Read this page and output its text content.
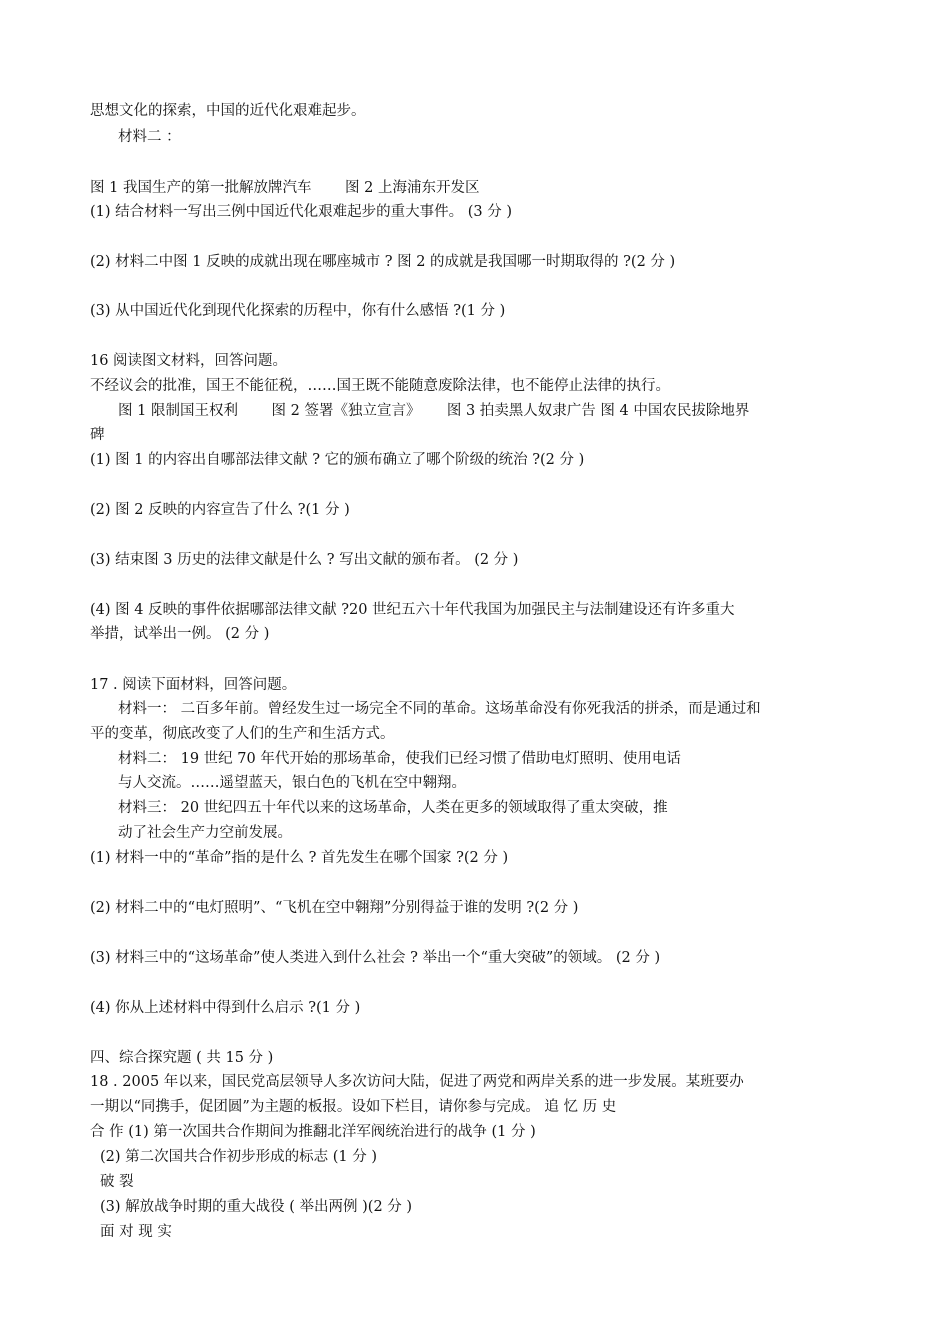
思想文化的探索，中国的近代化艰难起步。
材料二 ：
图 1 我国生产的第一批解放牌汽车　　 图 2 上海浦东开发区
(1) 结合材料一写出三例中国近代化艰难起步的重大事件。 (3 分 )
(2) 材料二中图 1 反映的成就出现在哪座城市 ? 图 2 的成就是我国哪一时期取得的 ?(2 分 )
(3) 从中国近代化到现代化探索的历程中，你有什么感悟 ?(1 分 )
16 阅读图文材料，回答问题。
不经议会的批准，国王不能征税，……国王既不能随意废除法律，也不能停止法律的执行。
图 1 限制国王权利　　 图 2 签署《独立宣言》　　 图 3 拍卖黑人奴隶广告 图 4 中国农民拔除地界
碑
(1) 图 1 的内容出自哪部法律文献 ? 它的颁布确立了哪个阶级的统治 ?(2 分 )
(2) 图 2 反映的内容宣告了什么 ?(1 分 )
(3) 结束图 3 历史的法律文献是什么 ? 写出文献的颁布者。 (2 分 )
(4) 图 4 反映的事件依据哪部法律文献 ?20 世纪五六十年代我国为加强民主与法制建设还有许多重大
举措，试举出一例。 (2 分 )
17 . 阅读下面材料，回答问题。
材料一： 二百多年前。曾经发生过一场完全不同的革命。这场革命没有你死我活的拼杀，而是通过和
平的变革，彻底改变了人们的生产和生活方式。
材料二： 19 世纪 70 年代开始的那场革命，使我们已经习惯了借助电灯照明、使用电话
与人交流。……遥望蓝天，银白色的飞机在空中翱翔。
材料三： 20 世纪四五十年代以来的这场革命，人类在更多的领域取得了重太突破，推
动了社会生产力空前发展。
(1) 材料一中的“革命”指的是什么 ? 首先发生在哪个国家 ?(2 分 )
(2) 材料二中的“电灯照明”、“飞机在空中翱翔”分别得益于谁的发明 ?(2 分 )
(3) 材料三中的“这场革命”使人类进入到什么社会 ? 举出一个“重大突破”的领域。 (2 分 )
(4) 你从上述材料中得到什么启示 ?(1 分 )
四、综合探究题 ( 共 15 分 )
18 . 2005 年以来，国民党高层领导人多次访问大陆，促进了两党和两岸关系的进一步发展。某班要办
一期以“同携手，促团圆”为主题的板报。设如下栏目，请你参与完成。 追 忆 历 史
合 作 (1) 第一次国共合作期间为推翻北洋军阀统治进行的战争 (1 分 )
(2) 第二次国共合作初步形成的标志 (1 分 )
破 裂
(3) 解放战争时期的重大战役 ( 举出两例 )(2 分 )
面 对 现 实
